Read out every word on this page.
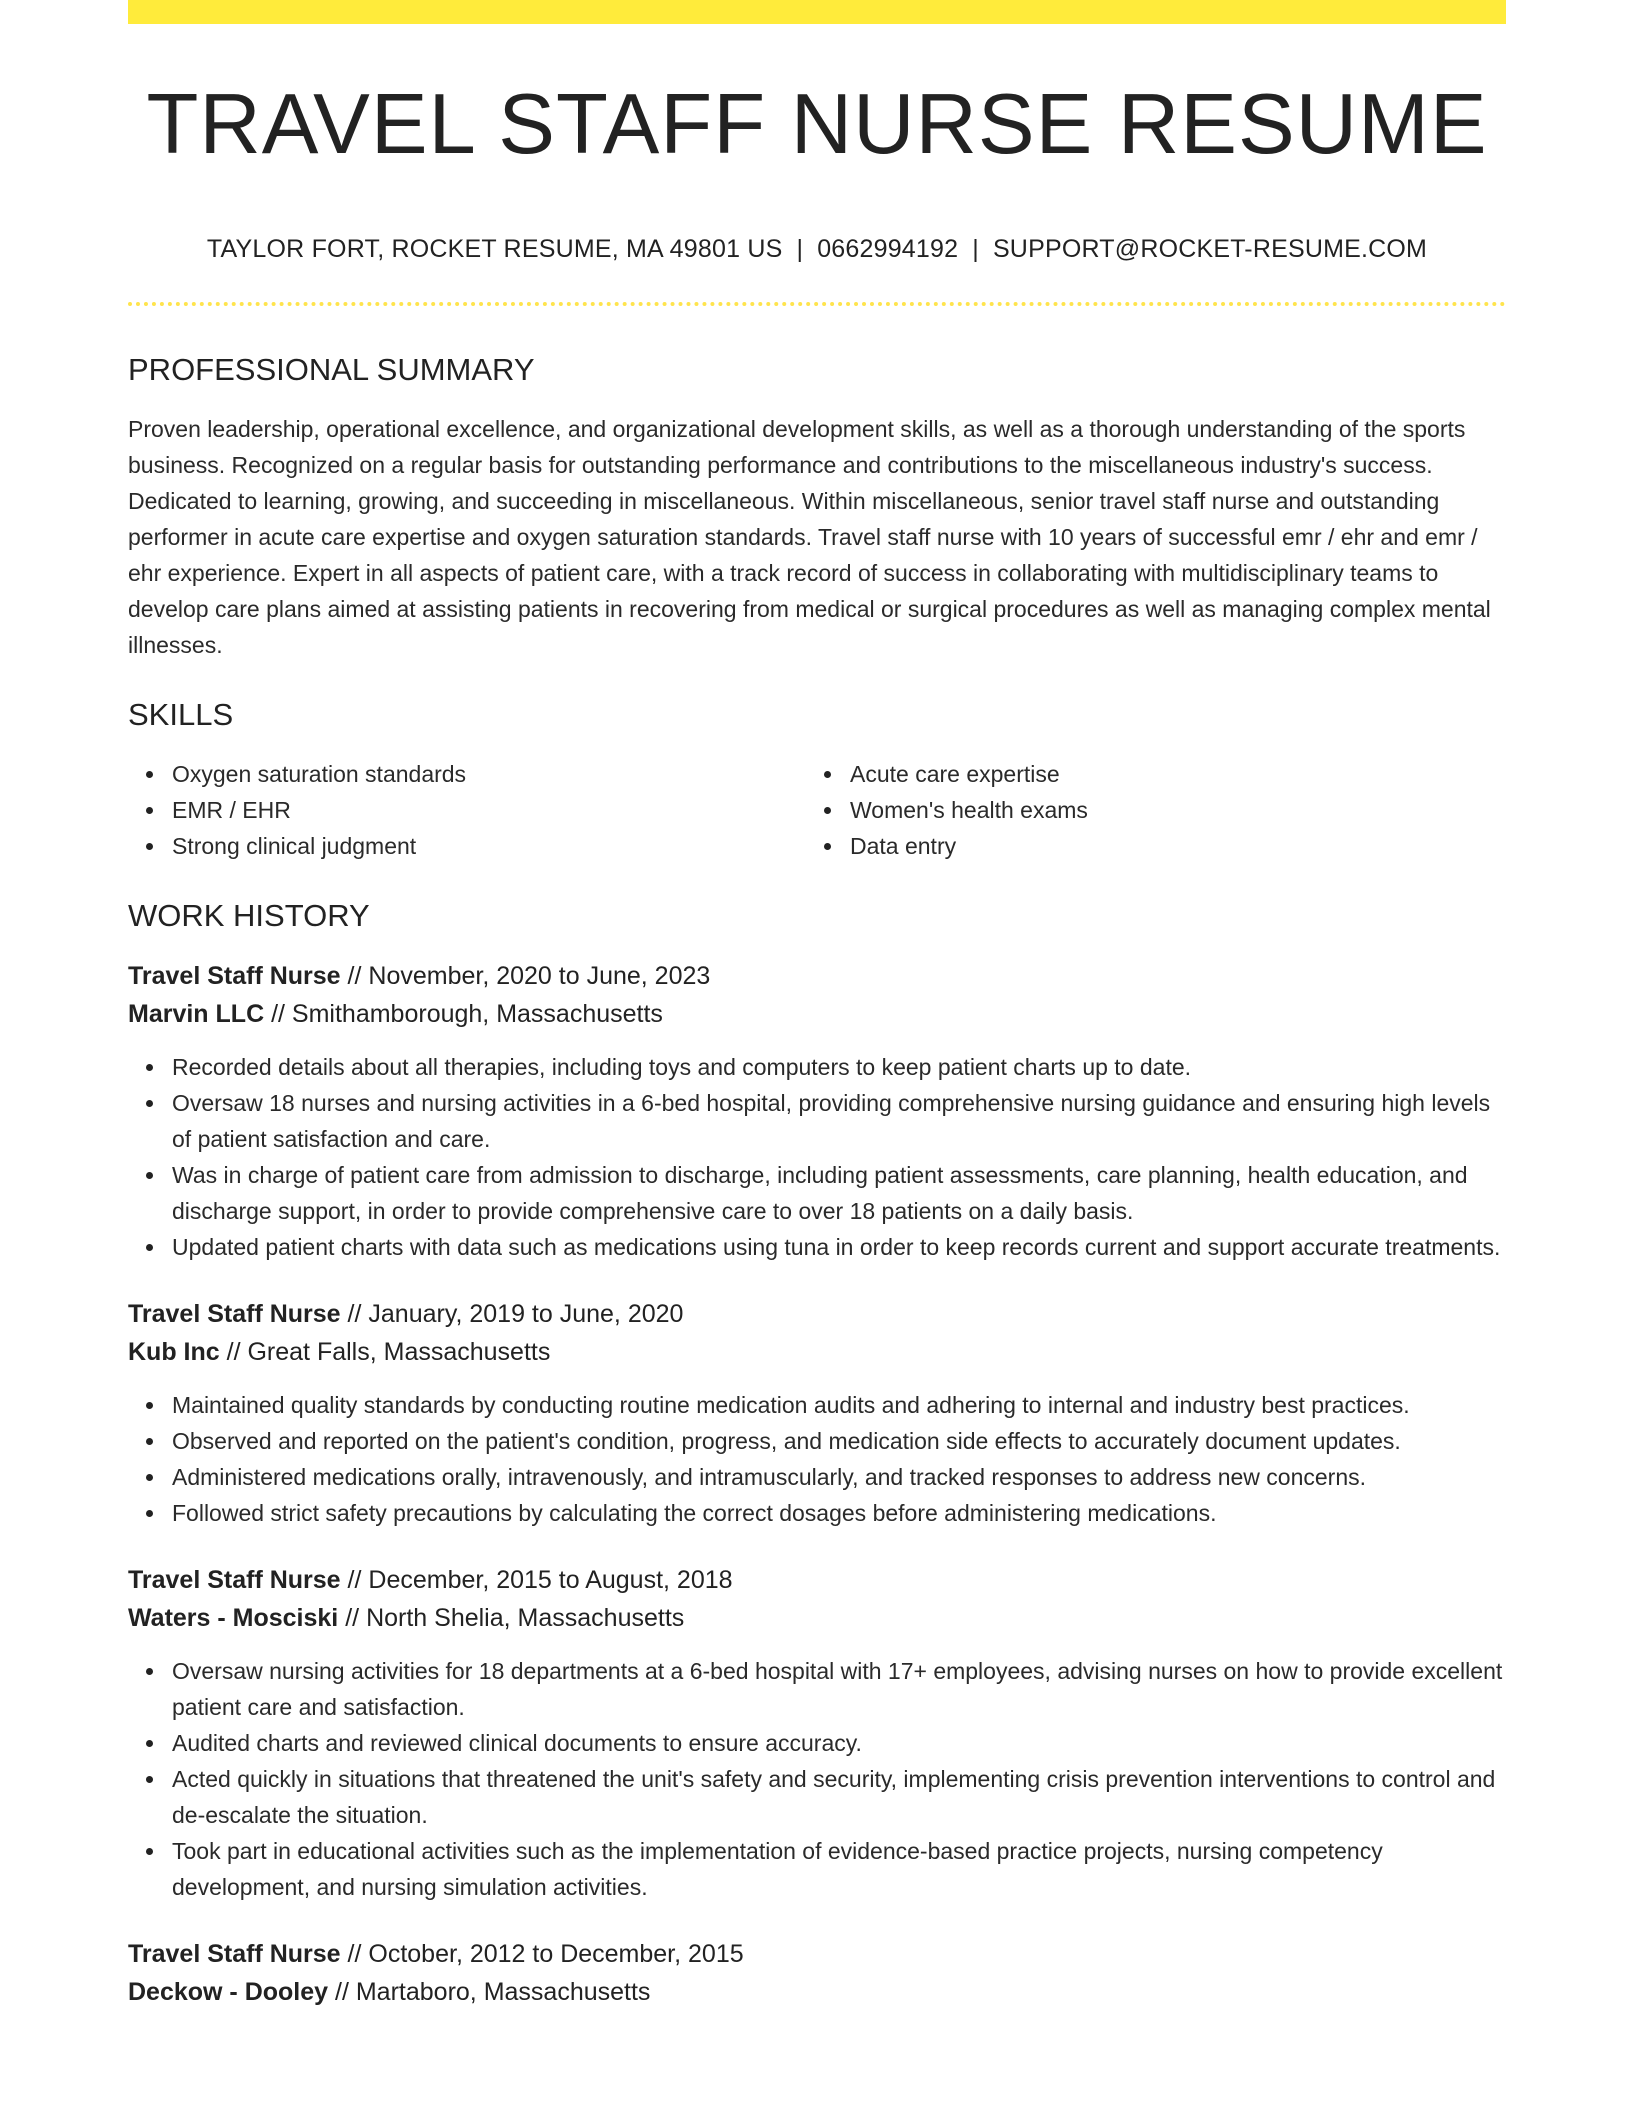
TRAVEL STAFF NURSE RESUME
TAYLOR FORT, ROCKET RESUME, MA 49801 US | 0662994192 | SUPPORT@ROCKET-RESUME.COM
PROFESSIONAL SUMMARY
Proven leadership, operational excellence, and organizational development skills, as well as a thorough understanding of the sports business. Recognized on a regular basis for outstanding performance and contributions to the miscellaneous industry's success. Dedicated to learning, growing, and succeeding in miscellaneous. Within miscellaneous, senior travel staff nurse and outstanding performer in acute care expertise and oxygen saturation standards. Travel staff nurse with 10 years of successful emr / ehr and emr / ehr experience. Expert in all aspects of patient care, with a track record of success in collaborating with multidisciplinary teams to develop care plans aimed at assisting patients in recovering from medical or surgical procedures as well as managing complex mental illnesses.
SKILLS
Oxygen saturation standards
EMR / EHR
Strong clinical judgment
Acute care expertise
Women's health exams
Data entry
WORK HISTORY
Travel Staff Nurse // November, 2020 to June, 2023
Marvin LLC // Smithamborough, Massachusetts
Recorded details about all therapies, including toys and computers to keep patient charts up to date.
Oversaw 18 nurses and nursing activities in a 6-bed hospital, providing comprehensive nursing guidance and ensuring high levels of patient satisfaction and care.
Was in charge of patient care from admission to discharge, including patient assessments, care planning, health education, and discharge support, in order to provide comprehensive care to over 18 patients on a daily basis.
Updated patient charts with data such as medications using tuna in order to keep records current and support accurate treatments.
Travel Staff Nurse // January, 2019 to June, 2020
Kub Inc // Great Falls, Massachusetts
Maintained quality standards by conducting routine medication audits and adhering to internal and industry best practices.
Observed and reported on the patient's condition, progress, and medication side effects to accurately document updates.
Administered medications orally, intravenously, and intramuscularly, and tracked responses to address new concerns.
Followed strict safety precautions by calculating the correct dosages before administering medications.
Travel Staff Nurse // December, 2015 to August, 2018
Waters - Mosciski // North Shelia, Massachusetts
Oversaw nursing activities for 18 departments at a 6-bed hospital with 17+ employees, advising nurses on how to provide excellent patient care and satisfaction.
Audited charts and reviewed clinical documents to ensure accuracy.
Acted quickly in situations that threatened the unit's safety and security, implementing crisis prevention interventions to control and de-escalate the situation.
Took part in educational activities such as the implementation of evidence-based practice projects, nursing competency development, and nursing simulation activities.
Travel Staff Nurse // October, 2012 to December, 2015
Deckow - Dooley // Martaboro, Massachusetts
